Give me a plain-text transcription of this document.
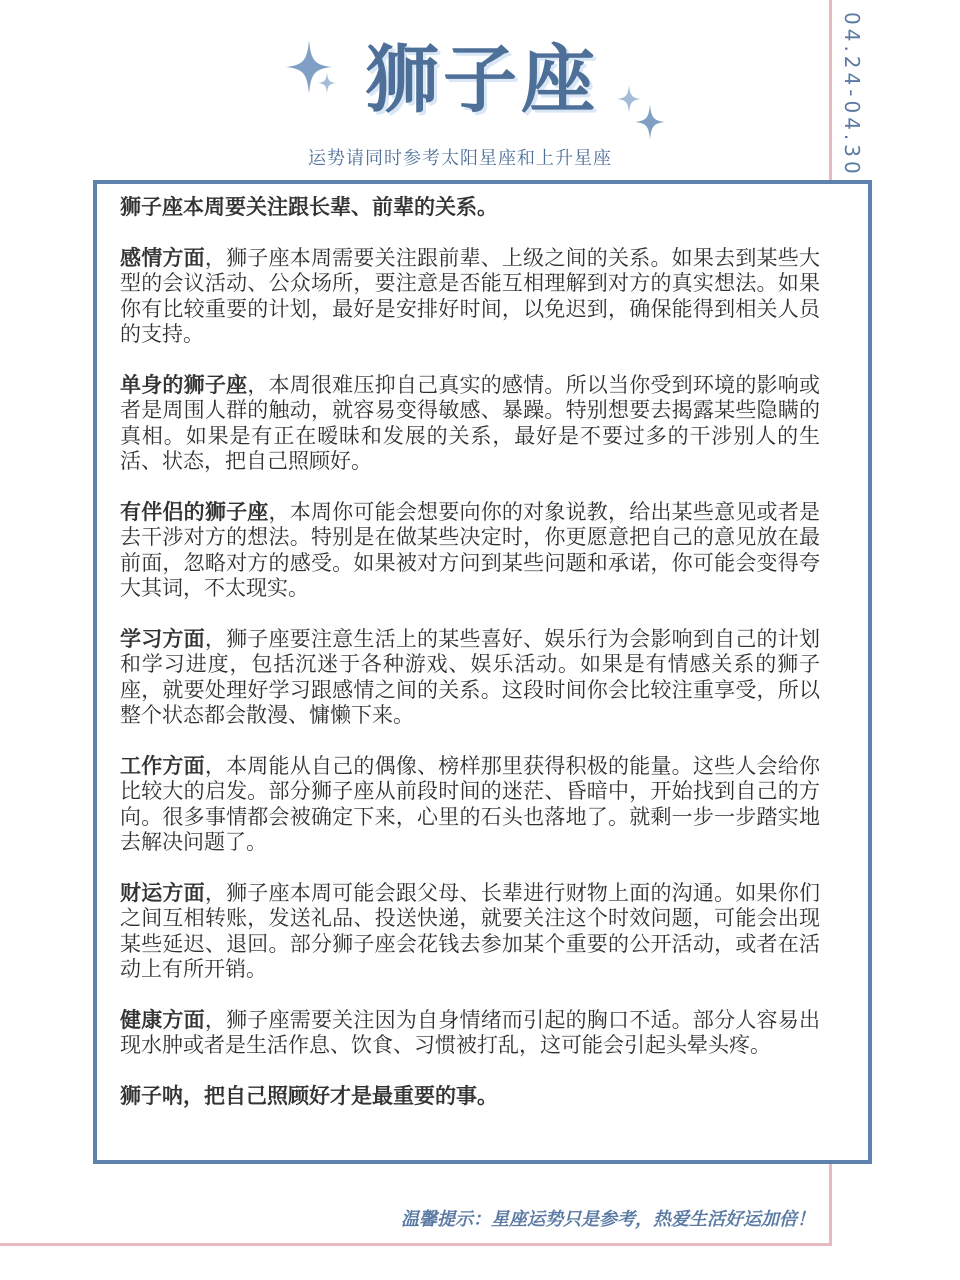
04.24-04.30
狮子座
运势请同时参考太阳星座和上升星座

狮子座本周要关注跟长辈、前辈的关系。

感情方面，狮子座本周需要关注跟前辈、上级之间的关系。如果去到某些大型的会议活动、公众场所，要注意是否能互相理解到对方的真实想法。如果你有比较重要的计划，最好是安排好时间，以免迟到，确保能得到相关人员的支持。

单身的狮子座，本周很难压抑自己真实的感情。所以当你受到环境的影响或者是周围人群的触动，就容易变得敏感、暴躁。特别想要去揭露某些隐瞒的真相。如果是有正在暧昧和发展的关系，最好是不要过多的干涉别人的生活、状态，把自己照顾好。

有伴侣的狮子座，本周你可能会想要向你的对象说教，给出某些意见或者是去干涉对方的想法。特别是在做某些决定时，你更愿意把自己的意见放在最前面，忽略对方的感受。如果被对方问到某些问题和承诺，你可能会变得夸大其词，不太现实。

学习方面，狮子座要注意生活上的某些喜好、娱乐行为会影响到自己的计划和学习进度，包括沉迷于各种游戏、娱乐活动。如果是有情感关系的狮子座，就要处理好学习跟感情之间的关系。这段时间你会比较注重享受，所以整个状态都会散漫、慵懒下来。

工作方面，本周能从自己的偶像、榜样那里获得积极的能量。这些人会给你比较大的启发。部分狮子座从前段时间的迷茫、昏暗中，开始找到自己的方向。很多事情都会被确定下来，心里的石头也落地了。就剩一步一步踏实地去解决问题了。

财运方面，狮子座本周可能会跟父母、长辈进行财物上面的沟通。如果你们之间互相转账，发送礼品、投送快递，就要关注这个时效问题，可能会出现某些延迟、退回。部分狮子座会花钱去参加某个重要的公开活动，或者在活动上有所开销。

健康方面，狮子座需要关注因为自身情绪而引起的胸口不适。部分人容易出现水肿或者是生活作息、饮食、习惯被打乱，这可能会引起头晕头疼。

狮子呐，把自己照顾好才是最重要的事。

温馨提示：星座运势只是参考，热爱生活好运加倍！
